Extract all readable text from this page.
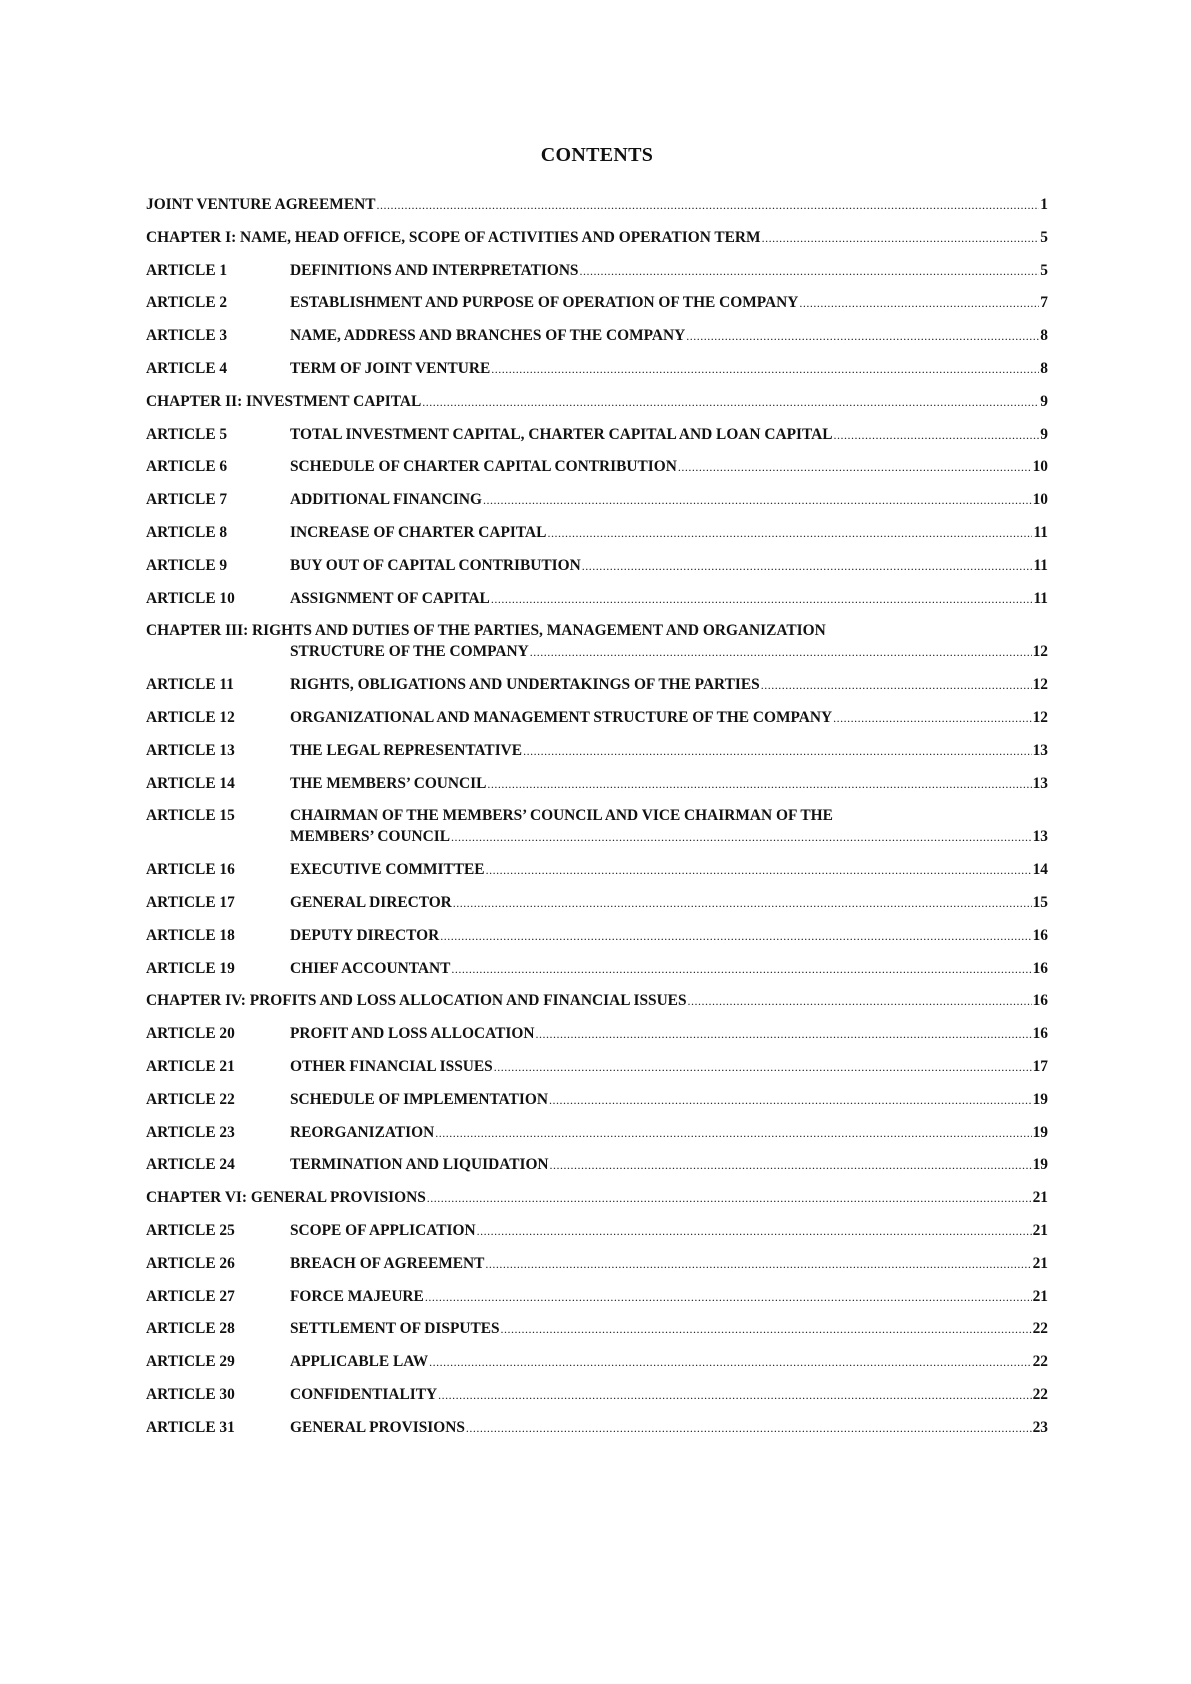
CONTENTS
JOINT VENTURE AGREEMENT .....	1
CHAPTER I: NAME, HEAD OFFICE, SCOPE OF ACTIVITIES AND OPERATION TERM .....	5
ARTICLE 1	DEFINITIONS AND INTERPRETATIONS .....	5
ARTICLE 2	ESTABLISHMENT AND PURPOSE OF OPERATION OF THE COMPANY .....	7
ARTICLE 3	NAME, ADDRESS AND BRANCHES OF THE COMPANY .....	8
ARTICLE 4	TERM OF JOINT VENTURE .....	8
CHAPTER II: INVESTMENT CAPITAL .....	9
ARTICLE 5	TOTAL INVESTMENT CAPITAL, CHARTER CAPITAL AND LOAN CAPITAL .....	9
ARTICLE 6	SCHEDULE OF CHARTER CAPITAL CONTRIBUTION .....	10
ARTICLE 7	ADDITIONAL FINANCING .....	10
ARTICLE 8	INCREASE OF CHARTER CAPITAL .....	11
ARTICLE 9	BUY OUT OF CAPITAL CONTRIBUTION .....	11
ARTICLE 10	ASSIGNMENT OF CAPITAL .....	11
CHAPTER III: RIGHTS AND DUTIES OF THE PARTIES, MANAGEMENT AND ORGANIZATION
STRUCTURE OF THE COMPANY .....	12
ARTICLE 11	RIGHTS, OBLIGATIONS AND UNDERTAKINGS OF THE PARTIES .....	12
ARTICLE 12	ORGANIZATIONAL AND MANAGEMENT STRUCTURE OF THE COMPANY .....	12
ARTICLE 13	THE LEGAL REPRESENTATIVE .....	13
ARTICLE 14	THE MEMBERS’ COUNCIL .....	13
ARTICLE 15	CHAIRMAN OF THE MEMBERS’ COUNCIL AND VICE CHAIRMAN OF THE
MEMBERS’ COUNCIL .....	13
ARTICLE 16	EXECUTIVE COMMITTEE .....	14
ARTICLE 17	GENERAL DIRECTOR .....	15
ARTICLE 18	DEPUTY DIRECTOR .....	16
ARTICLE 19	CHIEF ACCOUNTANT .....	16
CHAPTER IV: PROFITS AND LOSS ALLOCATION AND FINANCIAL ISSUES .....	16
ARTICLE 20	PROFIT AND LOSS ALLOCATION .....	16
ARTICLE 21	OTHER FINANCIAL ISSUES .....	17
ARTICLE 22	SCHEDULE OF IMPLEMENTATION .....	19
ARTICLE 23	REORGANIZATION .....	19
ARTICLE 24	TERMINATION AND LIQUIDATION .....	19
CHAPTER VI: GENERAL PROVISIONS .....	21
ARTICLE 25	SCOPE OF APPLICATION .....	21
ARTICLE 26	BREACH OF AGREEMENT .....	21
ARTICLE 27	FORCE MAJEURE .....	21
ARTICLE 28	SETTLEMENT OF DISPUTES .....	22
ARTICLE 29	APPLICABLE LAW .....	22
ARTICLE 30	CONFIDENTIALITY .....	22
ARTICLE 31	GENERAL PROVISIONS .....	23
